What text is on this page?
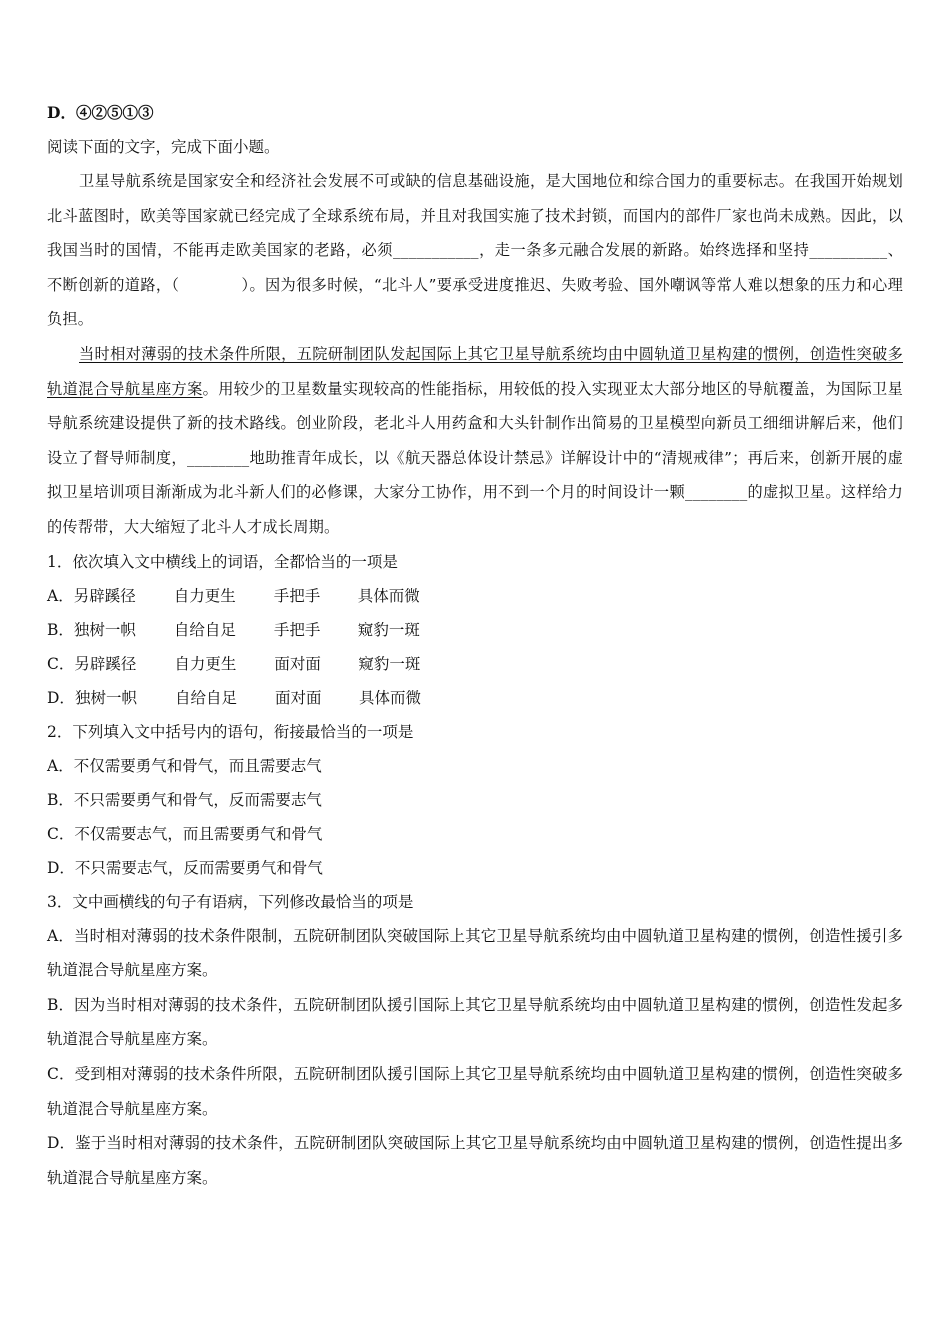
D．④②⑤①③
阅读下面的文字，完成下面小题。
卫星导航系统是国家安全和经济社会发展不可或缺的信息基础设施，是大国地位和综合国力的重要标志。在我国开始规划北斗蓝图时，欧美等国家就已经完成了全球系统布局，并且对我国实施了技术封锁，而国内的部件厂家也尚未成熟。因此，以我国当时的国情，不能再走欧美国家的老路，必须___________，走一条多元融合发展的新路。始终选择和坚持__________、不断创新的道路，（　　　　）。因为很多时候，“北斗人”要承受进度推迟、失败考验、国外嘲讽等常人难以想象的压力和心理负担。
当时相对薄弱的技术条件所限，五院研制团队发起国际上其它卫星导航系统均由中圆轨道卫星构建的惯例，创造性突破多轨道混合导航星座方案。用较少的卫星数量实现较高的性能指标，用较低的投入实现亚太大部分地区的导航覆盖，为国际卫星导航系统建设提供了新的技术路线。创业阶段，老北斗人用药盒和大头针制作出简易的卫星模型向新员工细细讲解后来，他们设立了督导师制度，________地助推青年成长，以《航天器总体设计禁忌》详解设计中的“清规戒律”；再后来，创新开展的虚拟卫星培训项目渐渐成为北斗新人们的必修课，大家分工协作，用不到一个月的时间设计一颗________的虚拟卫星。这样给力的传帮带，大大缩短了北斗人才成长周期。
1．依次填入文中横线上的词语，全都恰当的一项是
A．另辟蹊径 自力更生 手把手 具体而微
B．独树一帜 自给自足 手把手 窥豹一斑
C．另辟蹊径 自力更生 面对面 窥豹一斑
D．独树一帜 自给自足 面对面 具体而微
2．下列填入文中括号内的语句，衔接最恰当的一项是
A．不仅需要勇气和骨气，而且需要志气
B．不只需要勇气和骨气，反而需要志气
C．不仅需要志气，而且需要勇气和骨气
D．不只需要志气，反而需要勇气和骨气
3．文中画横线的句子有语病，下列修改最恰当的项是
A．当时相对薄弱的技术条件限制，五院研制团队突破国际上其它卫星导航系统均由中圆轨道卫星构建的惯例，创造性援引多轨道混合导航星座方案。
B．因为当时相对薄弱的技术条件，五院研制团队援引国际上其它卫星导航系统均由中圆轨道卫星构建的惯例，创造性发起多轨道混合导航星座方案。
C．受到相对薄弱的技术条件所限，五院研制团队援引国际上其它卫星导航系统均由中圆轨道卫星构建的惯例，创造性突破多轨道混合导航星座方案。
D．鉴于当时相对薄弱的技术条件，五院研制团队突破国际上其它卫星导航系统均由中圆轨道卫星构建的惯例，创造性提出多轨道混合导航星座方案。
